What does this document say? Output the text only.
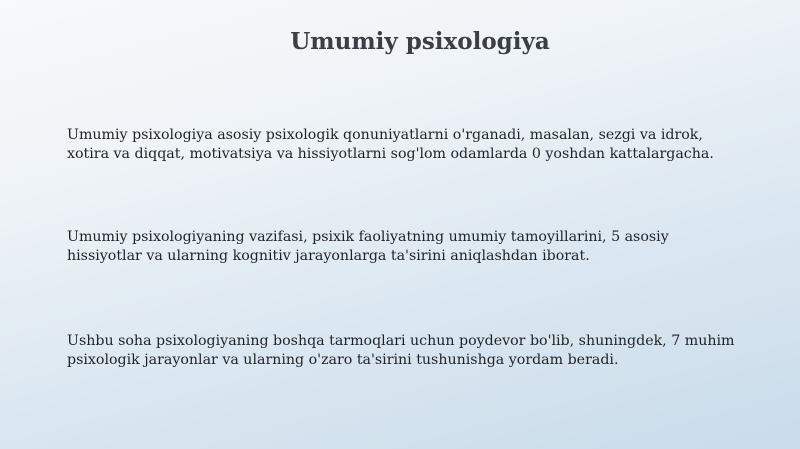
Umumiy psixologiya

Umumiy psixologiya asosiy psixologik qonuniyatlarni o'rganadi, masalan, sezgi va idrok,
xotira va diqqat, motivatsiya va hissiyotlarni sog'lom odamlarda 0 yoshdan kattalargacha.

Umumiy psixologiyaning vazifasi, psixik faoliyatning umumiy tamoyillarini, 5 asosiy
hissiyotlar va ularning kognitiv jarayonlarga ta'sirini aniqlashdan iborat.

Ushbu soha psixologiyaning boshqa tarmoqlari uchun poydevor bo'lib, shuningdek, 7 muhim
psixologik jarayonlar va ularning o'zaro ta'sirini tushunishga yordam beradi.
